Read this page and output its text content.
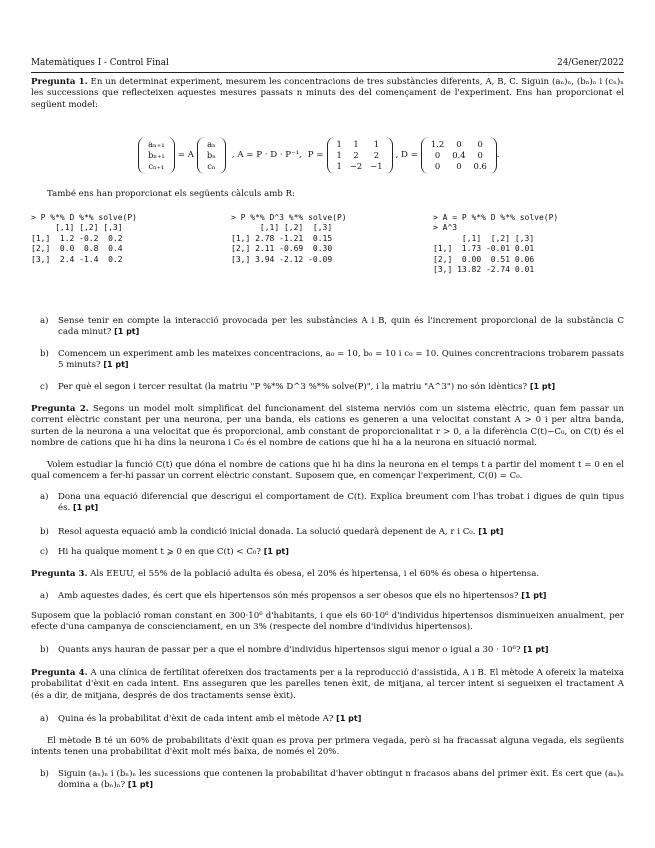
Matemàtiques I - Control Final	24/Gener/2022
Pregunta 1. En un determinat experiment, mesurem les concentracions de tres substàncies diferents, A, B, C. Siguin (aₙ)ₙ, (bₙ)ₙ i (cₙ)ₙ les successions que reflecteixen aquestes mesures passats n minuts des del començament de l'experiment. Ens han proporcionat el següent model:
aₙ₊₁
bₙ₊₁
cₙ₊₁
= A
aₙ
bₙ
cₙ
, A = P · D · P⁻¹, P =
1	1	1
1	2	2
1	−2	−1
, D =
1.2	0	0
0	0.4	0
0	0	0.6
.
També ens han proporcionat els següents càlculs amb R:
> P %*% D %*% solve(P)
[,1] [,2] [,3]
[1,]  1.2 -0.2  0.2
[2,]  0.0  0.8  0.4
[3,]  2.4 -1.4  0.2
> P %*% D^3 %*% solve(P)
[,1] [,2]  [,3]
[1,] 2.78 -1.21  0.15
[2,] 2.11 -0.69  0.30
[3,] 3.94 -2.12 -0.09
> A = P %*% D %*% solve(P)
> A^3
[,1]  [,2] [,3]
[1,]  1.73 -0.01 0.01
[2,]  0.00  0.51 0.06
[3,] 13.82 -2.74 0.01
a)	Sense tenir en compte la interacció provocada per les substàncies A i B, quin és l'increment proporcional de la substància C cada minut? [1 pt]
b)	Comencem un experiment amb les mateixes concentracions, a₀ = 10, b₀ = 10 i c₀ = 10. Quines concrentracions trobarem passats 5 minuts? [1 pt]
c)	Per què el segon i tercer resultat (la matriu "P %*% D^3 %*% solve(P)", i la matriu "A^3") no són idèntics? [1 pt]
Pregunta 2. Segons un model molt simplificat del funcionament del sistema nerviós com un sistema elèctric, quan fem passar un corrent elèctric constant per una neurona, per una banda, els cations es generen a una velocitat constant A > 0 i per altra banda, surten de la neurona a una velocitat que és proporcional, amb constant de proporcionalitat r > 0, a la diferència C(t)−C₀, on C(t) és el nombre de cations que hi ha dins la neurona i C₀ és el nombre de cations que hi ha a la neurona en situació normal.
Volem estudiar la funció C(t) que dóna el nombre de cations que hi ha dins la neurona en el temps t a partir del moment t = 0 en el qual comencem a fer-hi passar un corrent elèctric constant. Suposem que, en començar l'experiment, C(0) = C₀.
a)	Dona una equació diferencial que descrigui el comportament de C(t). Explica breument com l'has trobat i digues de quin tipus és. [1 pt]
b)	Resol aquesta equació amb la condició inicial donada. La solució quedarà depenent de A, r i C₀. [1 pt]
c)	Hi ha qualque moment t ⩾ 0 en que C(t) < C₀? [1 pt]
Pregunta 3. Als EEUU, el 55% de la població adulta és obesa, el 20% és hipertensa, i el 60% és obesa o hipertensa.
a)	Amb aquestes dades, és cert que els hipertensos són més propensos a ser obesos que els no hipertensos? [1 pt]
Suposem que la població roman constant en 300·10⁶ d'habitants, i que els 60·10⁶ d'individus hipertensos disminueixen anualment, per efecte d'una campanya de conscienciament, en un 3% (respecte del nombre d'individus hipertensos).
b)	Quants anys hauran de passar per a que el nombre d'individus hipertensos sigui menor o igual a 30 · 10⁶? [1 pt]
Pregunta 4. A una clínica de fertilitat ofereixen dos tractaments per a la reproducció d'assistida, A i B. El mètode A ofereix la mateixa probabilitat d'èxit en cada intent. Ens asseguren que les parelles tenen èxit, de mitjana, al tercer intent si segueixen el tractament A (és a dir, de mitjana, després de dos tractaments sense èxit).
a)	Quina és la probabilitat d'èxit de cada intent amb el mètode A? [1 pt]
El mètode B té un 60% de probabilitats d'èxit quan es prova per primera vegada, però si ha fracassat alguna vegada, els següents intents tenen una probabilitat d'èxit molt més baixa, de només el 20%.
b)	Siguin (aₙ)ₙ i (bₙ)ₙ les sucessions que contenen la probabilitat d'haver obtingut n fracasos abans del primer èxit. És cert que (aₙ)ₙ domina a (bₙ)ₙ? [1 pt]
